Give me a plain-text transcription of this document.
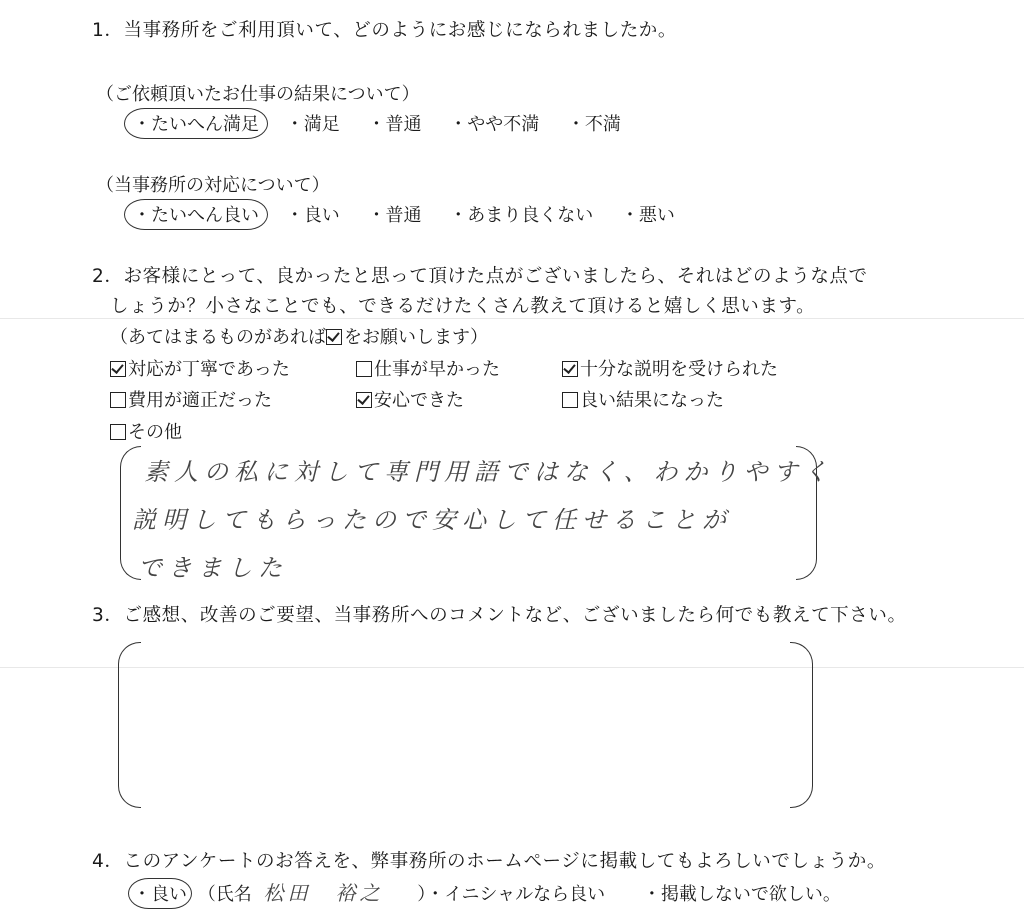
1．当事務所をご利用頂いて、どのようにお感じになられましたか。
（ご依頼頂いたお仕事の結果について）
・たいへん満足 ・満足 ・普通 ・やや不満 ・不満
（当事務所の対応について）
・たいへん良い ・良い ・普通 ・あまり良くない ・悪い
2．お客様にとって、良かったと思って頂けた点がございましたら、それはどのような点で
しょうか？小さなことでも、できるだけたくさん教えて頂けると嬉しく思います。
（あてはまるものがあれば をお願いします）
対応が丁寧であった	仕事が早かった	十分な説明を受けられた
費用が適正だった	安心できた	良い結果になった
その他
素人の私に対して専門用語ではなく、わかりやすく
説明してもらったので安心して任せることが
できました
3．ご感想、改善のご要望、当事務所へのコメントなど、ございましたら何でも教えて下さい。
4．このアンケートのお答えを、弊事務所のホームページに掲載してもよろしいでしょうか。
・良い （氏名 松田　裕之 ）・イニシャルなら良い ・掲載しないで欲しい。
